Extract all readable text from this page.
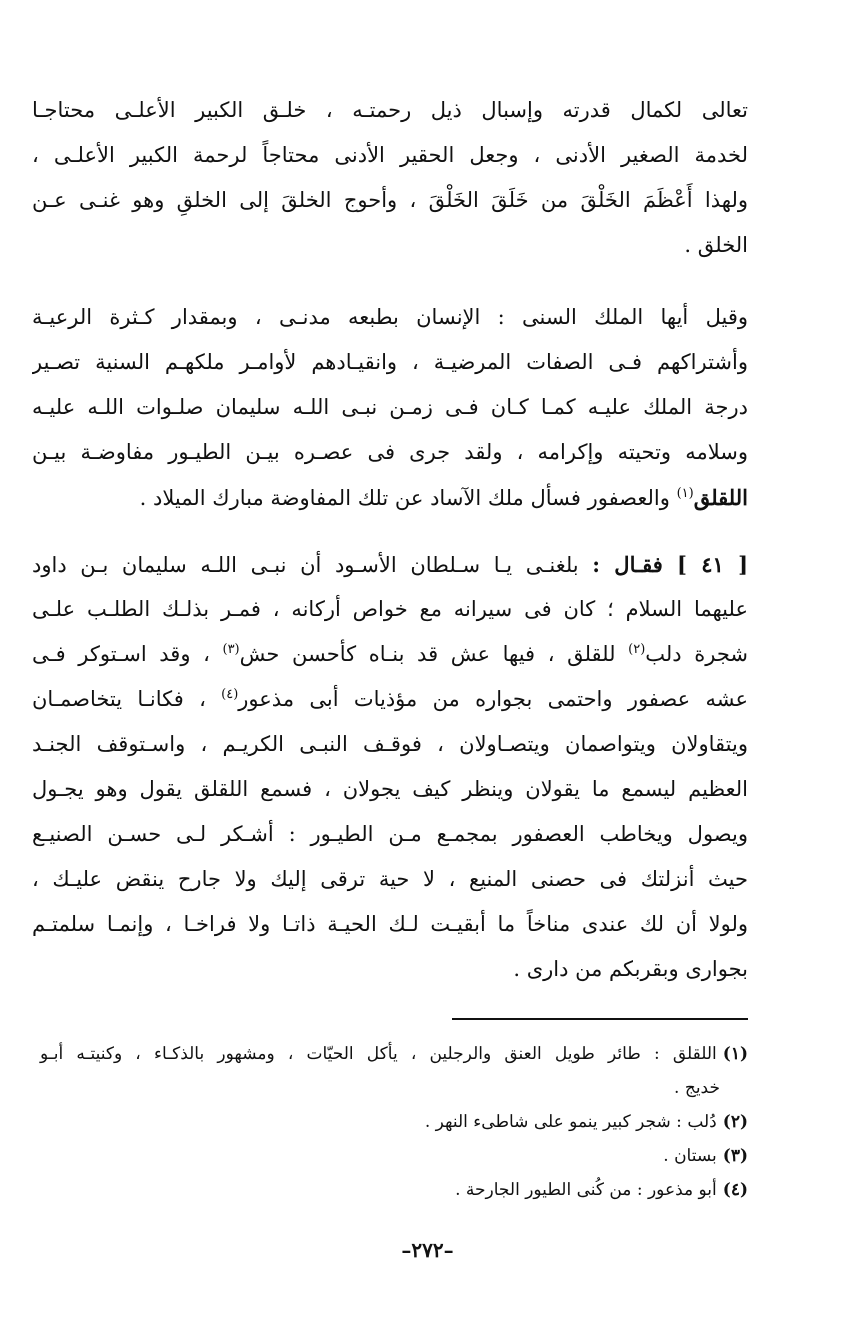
تعالى لكمال قدرته وإسبال ذيل رحمتـه ، خلـق الكبير الأعلـى محتاجـا
لخدمة الصغير الأدنى ، وجعل الحقير الأدنى محتاجاً لرحمة الكبير الأعلـى ،
ولهذا أَعْظَمَ الخَلْقَ من خَلَقَ الخَلْقَ ، وأحوج الخلقَ إلى الخلقِ وهو غنـى عـن
الخلق .
وقيل أيها الملك السنى : الإنسان بطبعه مدنـى ، وبمقدار كـثرة الرعيـة
وأشتراكهم فـى الصفات المرضيـة ، وانقيـادهم لأوامـر ملكهـم السنية تصـير
درجة الملك عليـه كمـا كـان فـى زمـن نبـى اللـه سليمان صلـوات اللـه عليـه
وسلامه وتحيته وإكرامه ، ولقد جرى فى عصـره بيـن الطيـور مفاوضـة بيـن
اللقلق$^{(١)}$ والعصفور فسأل ملك الآساد عن تلك المفاوضة مبارك الميلاد .
[ ٤١ ] فقـال : بلغنـى يـا سـلطان الأسـود أن نبـى اللـه سليمان بـن داود
عليهما السلام ؛ كان فى سيرانه مع خواص أركانه ، فمـر بذلـك الطلـب علـى
شجرة دلب$^{(٢)}$ للقلق ، فيها عش قد بنـاه كأحسن حش$^{(٣)}$ ، وقد اسـتوكر فـى
عشه عصفور واحتمى بجواره من مؤذيات أبى مذعور$^{(٤)}$ ، فكانـا يتخاصمـان
ويتقاولان ويتواصمان ويتصـاولان ، فوقـف النبـى الكريـم ، واسـتوقف الجنـد
العظيم ليسمع ما يقولان وينظر كيف يجولان ، فسمع اللقلق يقول وهو يجـول
ويصول ويخاطب العصفور بمجمـع مـن الطيـور : أشـكر لـى حسـن الصنيـع
حيث أنزلتك فى حصنى المنيع ، لا حية ترقى إليك ولا جارح ينقض عليـك ،
ولولا أن لك عندى مناخاً ما أبقيـت لـك الحيـة ذاتـا ولا فراخـا ، وإنمـا سلمتـم
بجوارى وبقربكم من دارى .
(١)اللقلق : طائر طويل العنق والرجلين ، يأكل الحيّات ، ومشهور بالذكـاء ، وكنيتـه أبـو
خديج .
(٢)دُلب : شجر كبير ينمو على شاطىء النهر .
(٣)بستان .
(٤)أبو مذعور : من كُنى الطيور الجارحة .
–٢٧٢–
